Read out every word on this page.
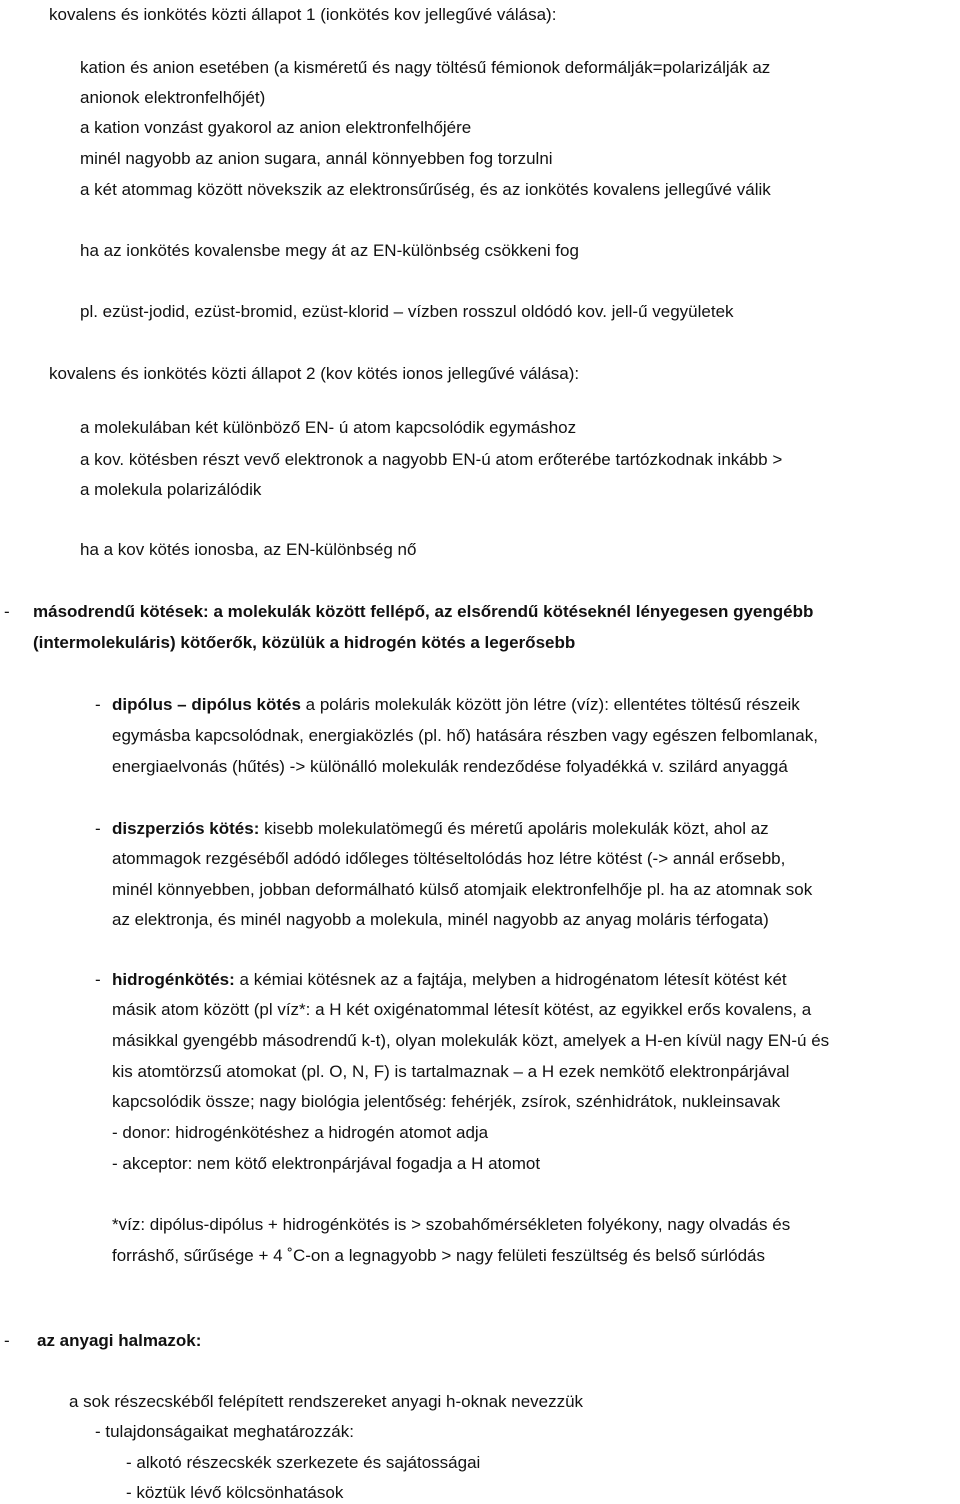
kovalens és ionkötés közti állapot 1 (ionkötés kov jellegűvé válása):
kation és anion esetében (a kisméretű és nagy töltésű fémionok deformálják=polarizálják az
anionok elektronfelhőjét)
a kation vonzást gyakorol az anion elektronfelhőjére
minél nagyobb az anion sugara, annál könnyebben fog torzulni
a két atommag között növekszik az elektronsűrűség, és az ionkötés kovalens jellegűvé válik
ha az ionkötés kovalensbe megy át az EN-különbség csökkeni fog
pl. ezüst-jodid, ezüst-bromid, ezüst-klorid – vízben rosszul oldódó kov. jell-ű vegyületek
kovalens és ionkötés közti állapot 2 (kov kötés ionos jellegűvé válása):
a molekulában két különböző EN- ú atom kapcsolódik egymáshoz
a kov. kötésben részt vevő elektronok a nagyobb EN-ú atom erőterébe tartózkodnak inkább >
a molekula polarizálódik
ha a kov kötés ionosba, az EN-különbség nő
- másodrendű kötések: a molekulák között fellépő, az elsőrendű kötéseknél lényegesen gyengébb
(intermolekuláris) kötőerők, közülük a hidrogén kötés a legerősebb
- dipólus – dipólus kötés a poláris molekulák között jön létre (víz): ellentétes töltésű részeik
egymásba kapcsolódnak, energiaközlés (pl. hő) hatására részben vagy egészen felbomlanak,
energiaelvonás (hűtés) -> különálló molekulák rendeződése folyadékká v. szilárd anyaggá
- diszperziós kötés: kisebb molekulatömegű és méretű apoláris molekulák közt, ahol az
atommagok rezgéséből adódó időleges töltéseltolódás hoz létre kötést (-> annál erősebb,
minél könnyebben, jobban deformálható külső atomjaik elektronfelhője pl. ha az atomnak sok
az elektronja, és minél nagyobb a molekula, minél nagyobb az anyag moláris térfogata)
- hidrogénkötés: a kémiai kötésnek az a fajtája, melyben a hidrogénatom létesít kötést két
másik atom között (pl víz*: a H két oxigénatommal létesít kötést, az egyikkel erős kovalens, a
másikkal gyengébb másodrendű k-t), olyan molekulák közt, amelyek a H-en kívül nagy EN-ú és
kis atomtörzsű atomokat (pl. O, N, F) is tartalmaznak – a H ezek nemkötő elektronpárjával
kapcsolódik össze; nagy biológia jelentőség: fehérjék, zsírok, szénhidrátok, nukleinsavak
- donor: hidrogénkötéshez a hidrogén atomot adja
- akceptor: nem kötő elektronpárjával fogadja a H atomot
*víz: dipólus-dipólus + hidrogénkötés is > szobahőmérsékleten folyékony, nagy olvadás és
forráshő, sűrűsége + 4 ˚C-on a legnagyobb > nagy felületi feszültség és belső súrlódás
- az anyagi halmazok:
a sok részecskéből felépített rendszereket anyagi h-oknak nevezzük
- tulajdonságaikat meghatározzák:
- alkotó részecskék szerkezete és sajátosságai
- köztük lévő kölcsönhatások
